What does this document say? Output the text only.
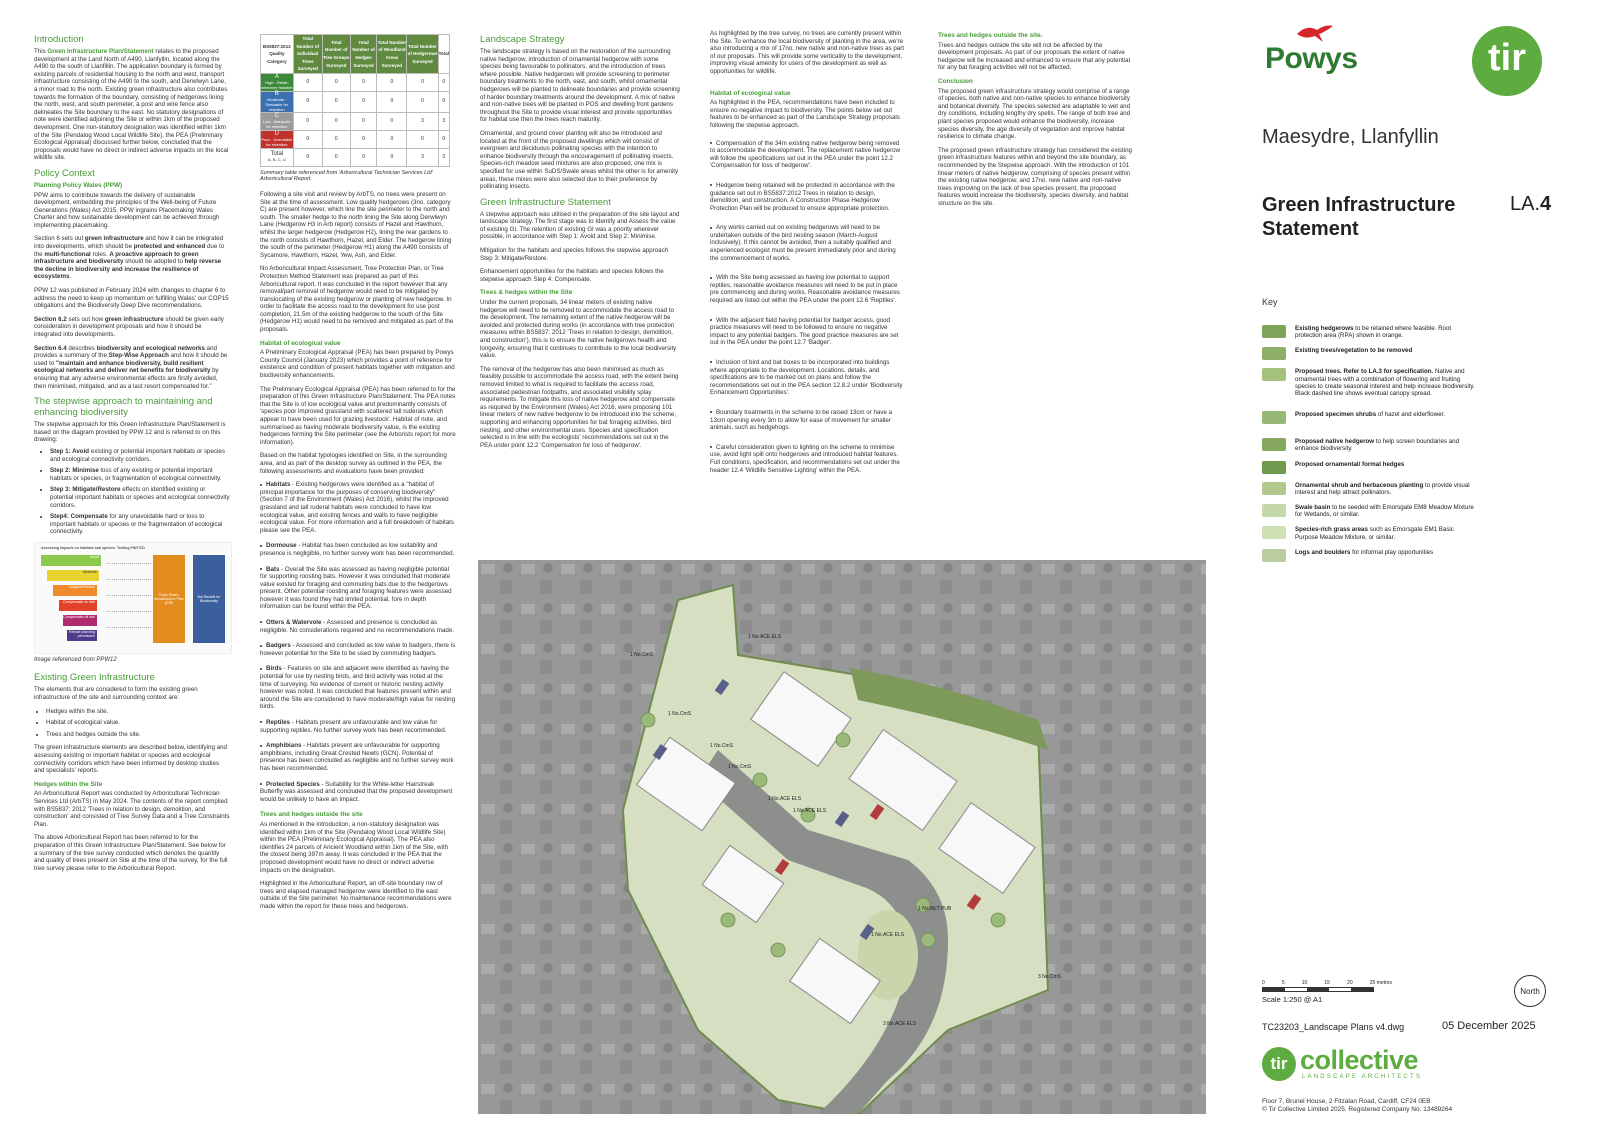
Introduction

This Green Infrastructure Plan/Statement relates to the proposed development at the Land North of A490, Llanfyllin, located along the A490 to the south of Llanfillin. The application boundary is formed by existing parcels of residential housing to the north and west, transport infrastructure consisting of the A490 to the south, and Derwlwyn Lane, a minor road to the north. Existing green infrastructure also contributes towards the formation of the boundary, consisting of hedgerows lining the north, west, and south perimeter, a post and wire fence also delineates the Site boundary to the east. No statutory designations of note were identified adjoining the Site or within 1km of the proposed development. One non-statutory designation was identified within 1km of the Site (Pendalog Wood Local Wildlife Site), the PEA (Preliminary Ecological Appraisal) discussed further below, concluded that the proposals would have no direct or indirect adverse impacts on the local wildlife site.

Policy Context
Planning Policy Wales (PPW)

PPW aims to contribute towards the delivery of sustainable development, embedding the principles of the Well-being of Future Generations (Wales) Act 2015. PPW ingrains Placemaking Wales Charter and how sustainable development can be achieved through implementing placemaking.

Section 6 sets out green infrastructure and how it can be integrated into developments, which should be protected and enhanced due to the multi-functional roles. A proactive approach to green infrastructure and biodiversity should be adopted to help reverse the decline in biodiversity and increase the resilience of ecosystems.

PPW 12 was published in February 2024 with changes to chapter 6 to address the need to keep up momentum on fulfilling Wales' our COP15 obligations and the Biodiversity Deep Dive recommendations.

Section 6.2 sets out how green infrastructure should be given early consideration in development proposals and how it should be integrated into developments.

Section 6.4 describes biodiversity and ecological networks and provides a summary of the Step-Wise Approach and how it should be used to "maintain and enhance biodiversity, build resilient ecological networks and deliver net benefits for biodiversity by ensuring that any adverse environmental effects are firstly avoided, then minimised, mitigated, and as a last resort compensated for."

The stepwise approach to maintaining and enhancing biodiversity

The stepwise approach for this Green Infrastructure Plan/Statement is based on the diagram provided by PPW 12 and is referred to on this drawing:

• Step 1: Avoid existing or potential important habitats or species and ecological connectivity corridors.
• Step 2: Minimise loss of any existing or potential important habitats or species, or fragmentation of ecological connectivity.
• Step 3: Mitigate/Restore effects on identified existing or potential important habitats or species and ecological connectivity corridors.
• Step4: Compensate for any unavoidable hard or loss to important habitats or species or the fragmentation of ecological connectivity.
Assessing impacts on habitats and species Testing PINT/CD
Avoid
Minimise
Mitigate/Restore
Compensate on site
Compensate off site
Refuse planning permission
Early Green Infrastructure Plan (GIP)
Net Benefit for Biodiversity
Image referenced from PPW12
Existing Green Infrastructure

The elements that are considered to form the existing green infrastructure of the site and surrounding context are:

• Hedges within the site.
• Habitat of ecological value.
• Trees and hedges outside the site.

The green infrastructure elements are described below, identifying and assessing existing or important habitat or species and ecological connectivity corridors which have been informed by desktop studies and specialists' reports.

Hedges within the Site

An Arboricultural Report was conducted by Arboricultural Technician Services Ltd (ArbTS) in May 2024. The contents of the report complied with BS5837: 2012 'Trees in relation to design, demolition, and construction' and consisted of Tree Survey Data and a Tree Constraints Plan.

The above Arboricultural Report has been referred to for the preparation of this Green Infrastructure Plan/Statement. See below for a summary of the tree survey conducted which denotes the quantity and quality of trees present on Site at the time of the survey, for the full tree survey please refer to the Arboricultural Report.

BS5837:2012 Quality Category	Total Number of Individual Trees Surveyed	Total Number of Tree Groups Surveyed	Total Number of Hedges Surveyed	Total Number of Woodland Areas Surveyed	Total Number of Hedgerows Surveyed	Total

A
High - Retain wherever feasible	0	0	0	0	0	0

B
Moderate - Desirable for retention	0	0	0	0	0	0

C
Low - Adequate for retention	0	0	0	0	3	3

U
Poor - Unsuitable for retention	0	0	0	0	0	0

Total
A, B, C, U	0	0	0	0	3	3
Summary table referenced from 'Arboricultural Technician Services Ltd' Arboricultural Report.

Following a site visit and review by ArbTS, no trees were present on Site at the time of assessment. Low quality hedgerows (3no. category C) are present however, which line the site perimeter to the north and south. The smaller hedge to the north lining the Site along Derwlwyn Lane (Hedgerow H3 in Arb report) consists of Hazel and Hawthorn, whilst the larger hedgerow (Hedgerow H2), lining the rear gardens to the north consists of Hawthorn, Hazel, and Elder. The hedgerow lining the south of the perimeter (Hedgerow H1) along the A490 consists of Sycamore, Hawthorn, Hazel, Yew, Ash, and Elder.

No Arboricultural Impact Assessment, Tree Protection Plan, or Tree Protection Method Statement was prepared as part of this Arboricultural report. It was concluded in the report however that any removal/part removal of hedgerow would need to be mitigated by translocating of the existing hedgerow or planting of new hedgerow. In order to facilitate the access road to the development for use post completion, 21.5m of the existing hedgerow to the south of the Site (Hedgerow H1) would need to be removed and mitigated as part of the proposals.

Habitat of ecological value

A Preliminary Ecological Appraisal (PEA) has been prepared by Powys County Council (January 2023) which provides a point of reference for existence and condition of present habitats together with mitigation and biodiversity enhancements.

The Preliminary Ecological Appraisal (PEA) has been referred to for the preparation of this Green Infrastructure Plan/Statement. The PEA notes that the Site is of low ecological value and predominantly consists of 'species poor improved grassland with scattered tall ruderals which appear to have been used for grazing livestock'. Habitat of note, and summarised as having moderate biodiversity value, is the existing hedgerows forming the Site perimeter (see the Arborists report for more information).

Based on the habitat typologies identified on Site, in the surrounding area, and as part of the desktop survey as outlined in the PEA, the following assessments and evaluations have been provided:

Habitats - Existing hedgerows were identified as a "habitat of principal importance for the purposes of conserving biodiversity" (Section 7 of the Environment (Wales) Act 2016), whilst the improved grassland and tall ruderal habitats were concluded to have low ecological value, and existing fences and walls to have negligible ecological value. For more information and a full breakdown of habitats please see the PEA.
Dormouse - Habitat has been concluded as low suitability and presence is negligible, no further survey work has been recommended.
Bats - Overall the Site was assessed as having negligible potential for supporting roosting bats. However it was concluded that moderate value existed for foraging and commuting bats due to the hedgerows present. Other potential roosting and foraging features were assessed however it was found they had limited potential, fore in depth information can be found within the PEA.
Otters & Watervole - Assessed and presence is concluded as negligible. No considerations required and no recommendations made.
Badgers - Assessed and concluded as low value to badgers, there is however potential for the Site to be used by commuting badgers.
Birds - Features on site and adjacent were identified as having the potential for use by nesting birds, and bird activity was noted at the time of surveying. No evidence of current or historic nesting activity however was noted. It was concluded that features present within and around the Site are considered to have moderate/high value for nesting birds.
Reptiles - Habitats present are unfavourable and low value for supporting reptiles. No further survey work has been recommended.
Amphibians - Habitats present are unfavourable for supporting amphibians, including Great Crested Newts (GCN). Potential of presence has been concluded as negligible and no further survey work has been recommended.
Protected Species - Suitability for the White-letter Hairstreak Butterfly was assessed and concluded that the proposed development would be unlikely to have an impact.
Trees and hedges outside the site

As mentioned in the introduction, a non-statutory designation was identified within 1km of the Site (Pendalog Wood Local Wildlife Site) within the PEA (Preliminary Ecological Appraisal). The PEA also identifies 24 parcels of Ancient Woodland within 1km of the Site, with the closest being 397m away. It was concluded in the PEA that the proposed development would have no direct or indirect adverse impacts on the designation.

Highlighted in the Arboricultural Report, an off-site boundary row of trees and elapsed managed hedgerow were identified to the east outside of the Site perimeter. No maintenance recommendations were made within the report for these trees and hedgerows.

Landscape Strategy

The landscape strategy is based on the restoration of the surrounding native hedgerow, introduction of ornamental hedgerow with some species being favourable to pollinators, and the introduction of trees where possible. Native hedgerows will provide screening to perimeter boundary treatments to the north, east, and south, whilst ornamental hedgerows will be planted to delineate boundaries and provide screening of harder boundary treatments around the development. A mix of native and non-native trees will be planted in POS and dwelling front gardens throughout the Site to provide visual interest and provide opportunities for habitat use then the trees reach maturity.

Ornamental, and ground cover planting will also be introduced and located at the front of the proposed dwellings which will consist of evergreen and deciduous pollinating species with the intention to enhance biodiversity through the encouragement of pollinating insects. Species-rich meadow seed mixtures are also proposed, one mix is specified for use within SuDS/Swale areas whilst the other is for amenity areas, these mixes were also selected due to their preference by pollinating insects.

Green Infrastructure Statement

A stepwise approach was utilised in the preparation of the site layout and landscape strategy. The first stage was to Identify and Assess the value of existing GI. The retention of existing GI was a priority wherever possible, in accordance with Step 1: Avoid and Step 2: Minimise.

Mitigation for the habitats and species follows the stepwise approach Step 3: Mitigate/Restore.

Enhancement opportunities for the habitats and species follows the stepwise approach Step 4: Compensate.

Trees & hedges within the Site

Under the current proposals, 34 linear meters of existing native hedgerow will need to be removed to accommodate the access road to the development. The remaining extent of the native hedgerow will be avoided and protected during works (in accordance with tree protection measures within BS5837: 2012 'Trees in relation to design, demolition, and construction'), this is to ensure the native hedgerows health and longevity, ensuring that it continues to contribute to the local biodiversity value.

The removal of the hedgerow has also been minimised as much as feasibly possible to accommodate the access road, with the extent being removed limited to what is required to facilitate the access road, associated pedestrian footpaths, and associated visibility splay requirements. To mitigate this loss of native hedgerow and compensate as required by the Environment (Wales) Act 2016, were proposing 101 linear meters of new native hedgerow to be introduced into the scheme, supporting and enhancing opportunities for bat foraging activities, bird nesting, and other environmental uses. Species and specification selected is in line with the ecologists' recommendations set out in the PEA under point 12.2 'Compensation for loss of hedgerow'.

As highlighted by the tree survey, no trees are currently present within the Site. To enhance the local biodiversity of planting in the area, we're also introducing a mix of 17no. new native and non-native trees as part of our proposals. This will provide some verticality to the development, improving visual amenity for users of the development as well as opportunities for wildlife.

Habitat of ecological value

As highlighted in the PEA, recommendations have been included to ensure no negative impact to biodiversity. The points below set out features to be enhanced as part of the Landscape Strategy proposals following the stepwise approach.

Compensation of the 34m existing native hedgerow being removed to accommodate the development. The replacement native hedgerow will follow the specifications set out in the PEA under the point 12.2 'Compensation for loss of hedgerow'.
Hedgerow being retained will be protected in accordance with the guidance set out in BS5837:2012 Trees in relation to design, demolition, and construction. A Construction Phase Hedgerow Protection Plan will be produced to ensure appropriate protection.
Any works carried out on existing hedgerows will need to be undertaken outside of the bird nesting season (March-August inclusively). If this cannot be avoided, then a suitably qualified and experienced ecologist must be present immediately prior and during the commencement of works.
With the Site being assessed as having low potential to support reptiles, reasonable avoidance measures will need to be put in place pre commencing and during works. Reasonable avoidance measures required are listed out within the PEA under the point 12.6 'Reptiles'.
With the adjacent field having potential for badger access, good practice measures will need to be followed to ensure no negative impact to any potential badgers. The good practice measures are set out in the PEA under the point 12.7 'Badger'.
Inclusion of bird and bat boxes to be incorporated into buildings where appropriate to the development. Locations, details, and specifications are to be marked out on plans and follow the recommendations set out in the PEA section 12.8.2 under 'Biodiversity Enhancement Opportunities'.
Boundary treatments in the scheme to be raised 13cm or have a 13cm opening every 3m to allow for ease of movement for smaller animals, such as hedgehogs.
Careful consideration given to lighting on the scheme to minimise use, avoid light spill onto hedgerows and introduced habitat features. Full conditions, specification, and recommendations set out under the header 12.4 'Wildlife Sensitive Lighting' within the PEA.
Trees and hedges outside the site.

Trees and hedges outside the site will not be affected by the development proposals. As part of our proposals the extent of native hedgerow will be increased and enhanced to ensure that any potential for any bat foraging activities will not be affected.

Conclusion

The proposed green infrastructure strategy would comprise of a range of species, both native and non-native species to enhance biodiversity and botanical diversity. The species selected are adaptable to wet and dry conditions, including lengthy dry spells. The range of both tree and plant species proposed would enhance the biodiversity, increase species diversity, the age diversity of vegetation and improve habitat resilience to climate change.

The proposed green infrastructure strategy has considered the existing green infrastructure features within and beyond the site boundary, as recommended by the Stepwise approach. With the introduction of 101 linear meters of native hedgerow, comprising of species present within the existing native hedgerow, and 17no. new native and non-native trees improving on the lack of tree species present, the proposed features would increase the biodiversity, species diversity, and habitat structure on the site.

1 No.CmS
1 No.ACE ELS
1 No.CmS
1 No.CmS
1 No.CmS
1 No.ACE ELS
1 No.ACE ELS
1 No.BET PUB
1 No.ACE ELS
3 No.CmS
3 No.ACE ELS
Powys	tir
Maesydre, Llanfyllin
Green Infrastructure
Statement
LA.4
Key
Existing hedgerows to be retained where feasible. Root protection area (RPA) shown in orange.
Existing trees/vegetation to be removed
Proposed trees. Refer to LA.3 for specification. Native and ornamental trees with a combination of flowering and fruiting species to create seasonal interest and help increase biodiversity. Black dashed line shows eventual canopy spread.
Proposed specimen shrubs of hazel and elderflower.
Proposed native hedgerow to help screen boundaries and enhance biodiversity.
Proposed ornamental/ formal hedges
Ornamental shrub and herbaceous planting to provide visual interest and help attract pollinators.
Swale basin to be seeded with Emorsgate EM8 Meadow Mixture for Wetlands, or similar.
Species-rich grass areas such as Emorsgate EM1 Basic Purpose Meadow Mixture, or similar.
Logs and boulders for informal play opportunities
0	5	10	15	20	25 metres
Scale 1:250 @ A1
North
TC23203_Landscape Plans v4.dwg	05 December 2025
tir collective
LANDSCAPE ARCHITECTS
Floor 7, Brunel House, 2 Fitzalan Road, Cardiff, CF24 0EB
© Tir Collective Limited 2025. Registered Company No. 13489264
